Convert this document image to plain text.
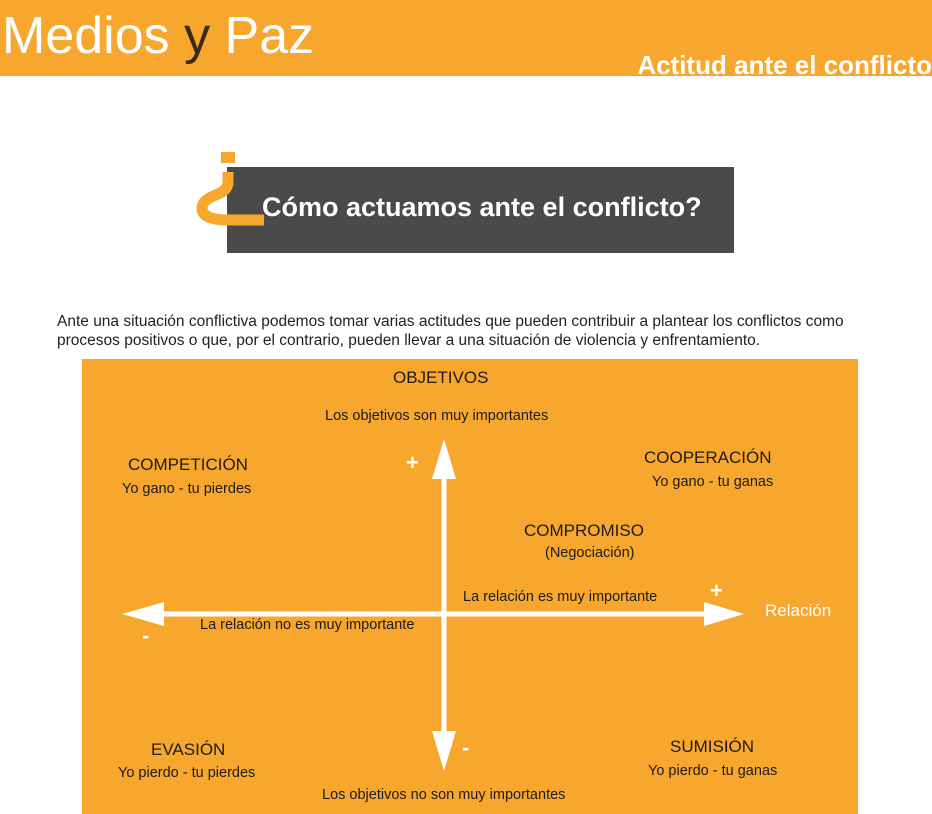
Medios y Paz	Actitud ante el conflicto
Cómo actuamos ante el conflicto?
Ante una situación conflictiva podemos tomar varias actitudes que pueden contribuir a plantear los conflictos como procesos positivos o que, por el contrario, pueden llevar a una situación de violencia y enfrentamiento.
OBJETIVOS
Los objetivos son muy importantes
Los objetivos no son muy importantes
+
-
+
-
La relación es muy importante
La relación no es muy importante
Relación
COMPETICIÓN
Yo gano - tu pierdes
COOPERACIÓN
Yo gano - tu ganas
COMPROMISO
(Negociación)
EVASIÓN
Yo pierdo - tu pierdes
SUMISIÓN
Yo pierdo - tu ganas
